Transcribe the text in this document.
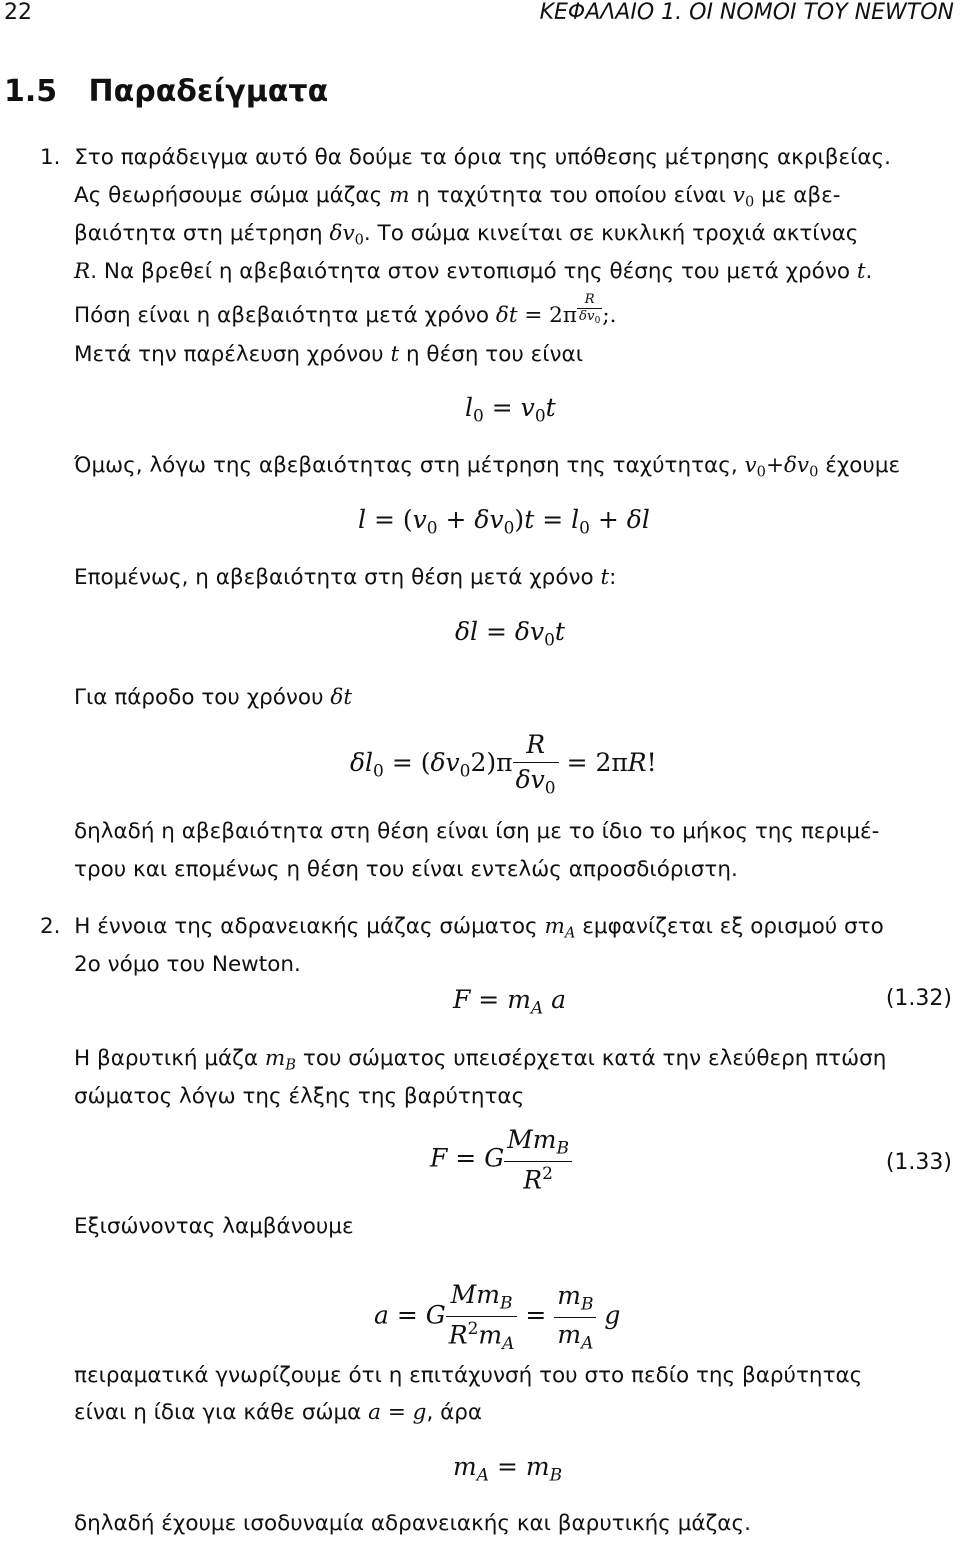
22	ΚΕΦΑΛΑΙΟ 1. ΟΙ ΝΟΜΟΙ ΤΟΥ NEWTON
1.5 Παραδείγματα
1. Στο παράδειγμα αυτό θα δούμε τα όρια της υπόθεσης μέτρησης ακριβείας.
Ας θεωρήσουμε σώμα μάζας m η ταχύτητα του οποίου είναι $v_0$ με αβε-
βαιότητα στη μέτρηση $\delta v_0$. Το σώμα κινείται σε κυκλική τροχιά ακτίνας
R. Να βρεθεί η αβεβαιότητα στον εντοπισμό της θέσης του μετά χρόνο t.
Πόση είναι η αβεβαιότητα μετά χρόνο $\delta t = 2\pi \frac{R}{\delta v_0}$ ;.
Μετά την παρέλευση χρόνου t η θέση του είναι
$l_0 = v_0t$
Όμως, λόγω της αβεβαιότητας στη μέτρηση της ταχύτητας, $v_0+\delta v_0$ έχουμε
$l = (v_0 + \delta v_0)t = l_0 + \delta l$
Επομένως, η αβεβαιότητα στη θέση μετά χρόνο t:
$\delta l = \delta v_0t$
Για πάροδο του χρόνου δt
$\delta l_0 = (\delta v_02)\pi \frac{R}{\delta v_0} = 2\pi R$!
δηλαδή η αβεβαιότητα στη θέση είναι ίση με το ίδιο το μήκος της περιμέ-
τρου και επομένως η θέση του είναι εντελώς απροσδιόριστη.
2. Η έννοια της αδρανειακής μάζας σώματος $m_A$ εμφανίζεται εξ ορισμού στο
2ο νόμο του Newton.
$F = m_A$ a	(1.32)
Η βαρυτική μάζα $m_B$ του σώματος υπεισέρχεται κατά την ελεύθερη πτώση
σώματος λόγω της έλξης της βαρύτητας
F = G $\frac{Mm_B}{R^2}$	(1.33)
Εξισώνοντας λαμβάνουμε
a = G $\frac{Mm_B}{R^2m_A} = \frac{m_B}{m_A}$ g
πειραματικά γνωρίζουμε ότι η επιτάχυνσή του στο πεδίο της βαρύτητας
είναι η ίδια για κάθε σώμα a = g, άρα
$m_A = m_B$
δηλαδή έχουμε ισοδυναμία αδρανειακής και βαρυτικής μάζας.
